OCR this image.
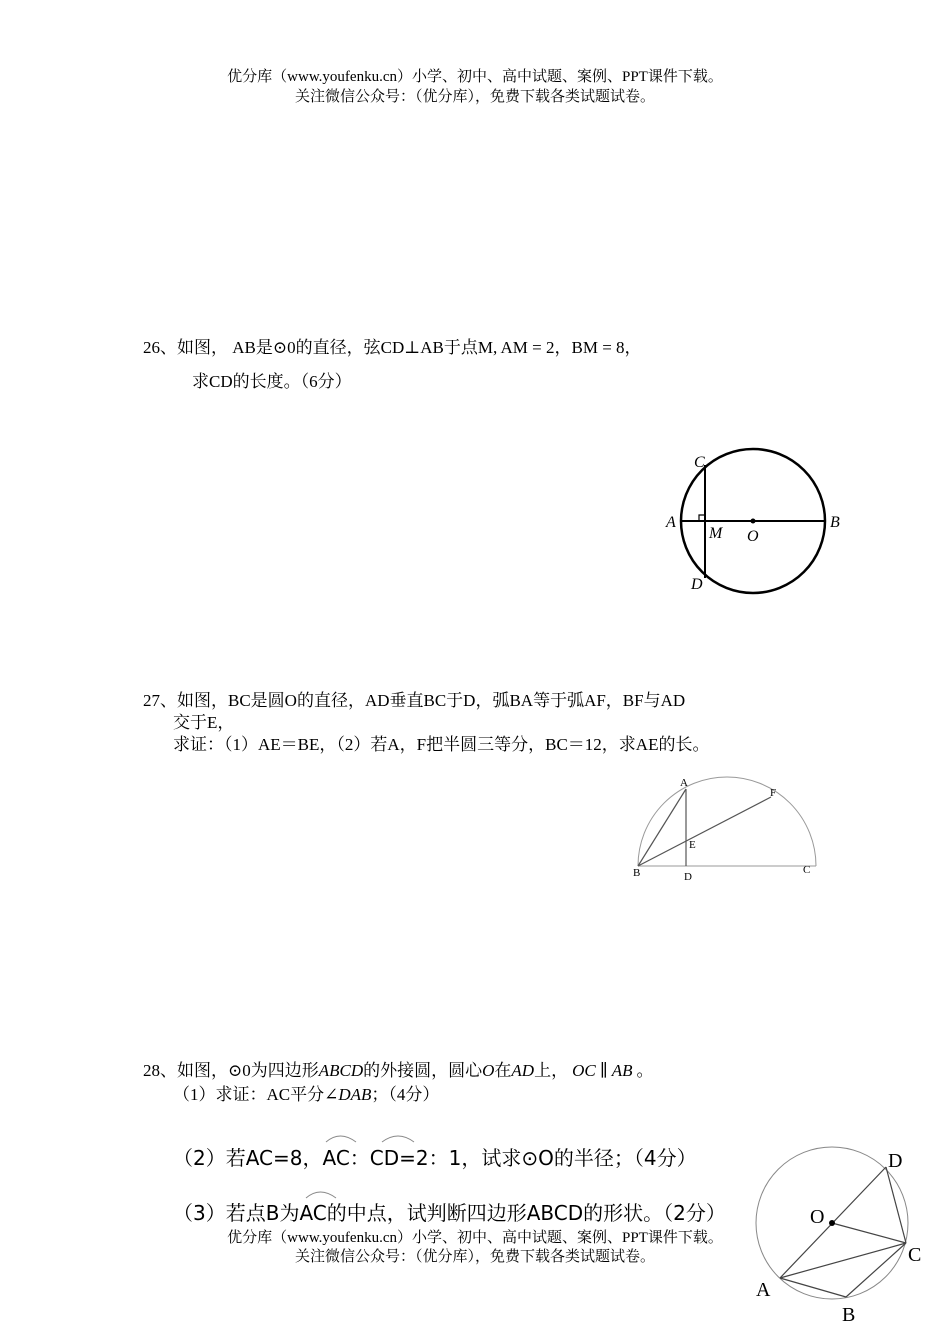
优分库（www.youfenku.cn）小学、初中、高中试题、案例、PPT课件下载。
关注微信公众号：（优分库），免费下载各类试题试卷。
26、如图， AB是⊙0的直径，弦CD⊥AB于点M, AM = 2，BM = 8，
求CD的长度。（6分）
C
A
M O
B
D
27、如图，BC是圆O的直径，AD垂直BC于D，弧BA等于弧AF，BF与AD
交于E，
求证：（1）AE＝BE，（2）若A，F把半圆三等分，BC＝12，求AE的长。
A
F
E
B	D
C
28、如图，⊙0为四边形ABCD的外接圆，圆心O在AD上， OC ∥ AB 。
（1）求证：AC平分∠DAB；（4分）
（2）若AC=8，AC：CD=2：1，试求⊙O的半径；（4分）
（3）若点B为AC的中点，试判断四边形ABCD的形状。（2分）
D
O
C
A
B
优分库（www.youfenku.cn）小学、初中、高中试题、案例、PPT课件下载。
关注微信公众号：（优分库），免费下载各类试题试卷。
